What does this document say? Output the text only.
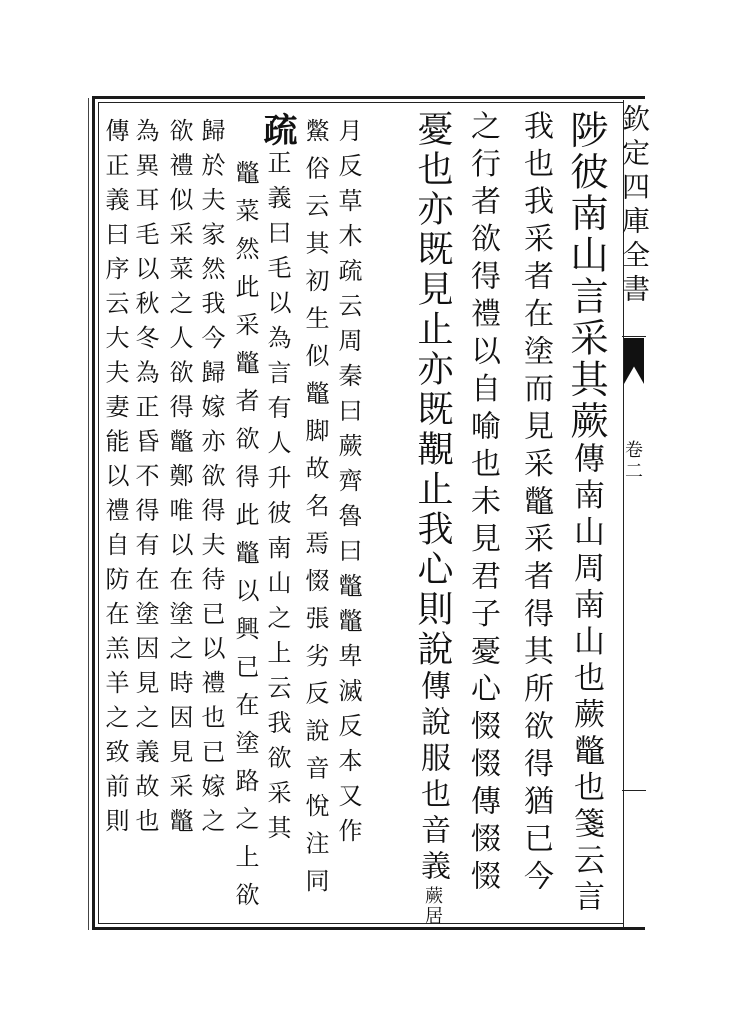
欽定四庫全書
卷二
陟彼南山言采其蕨傳南山周南山也蕨鼈也箋云言
我也我采者在塗而見采鼈采者得其所欲得猶已今
之行者欲得禮以自喻也未見君子憂心惙惙傳惙惙
憂也亦既見止亦既覯止我心則說傳說服也音義蕨居
月反草木疏云周秦曰蕨齊魯曰鼈鼈卑滅反本又作
鱉俗云其初生似鼈脚故名焉惙張劣反說音悅注同
疏正義曰毛以為言有人升彼南山之上云我欲采其
鼈菜然此采鼈者欲得此鼈以興已在塗路之上欲
歸於夫家然我今歸嫁亦欲得夫待已以禮也已嫁之
欲禮似采菜之人欲得鼈鄭唯以在塗之時因見采鼈
為異耳毛以秋冬為正昏不得有在塗因見之義故也
傳正義曰序云大夫妻能以禮自防在羔羊之致前則
